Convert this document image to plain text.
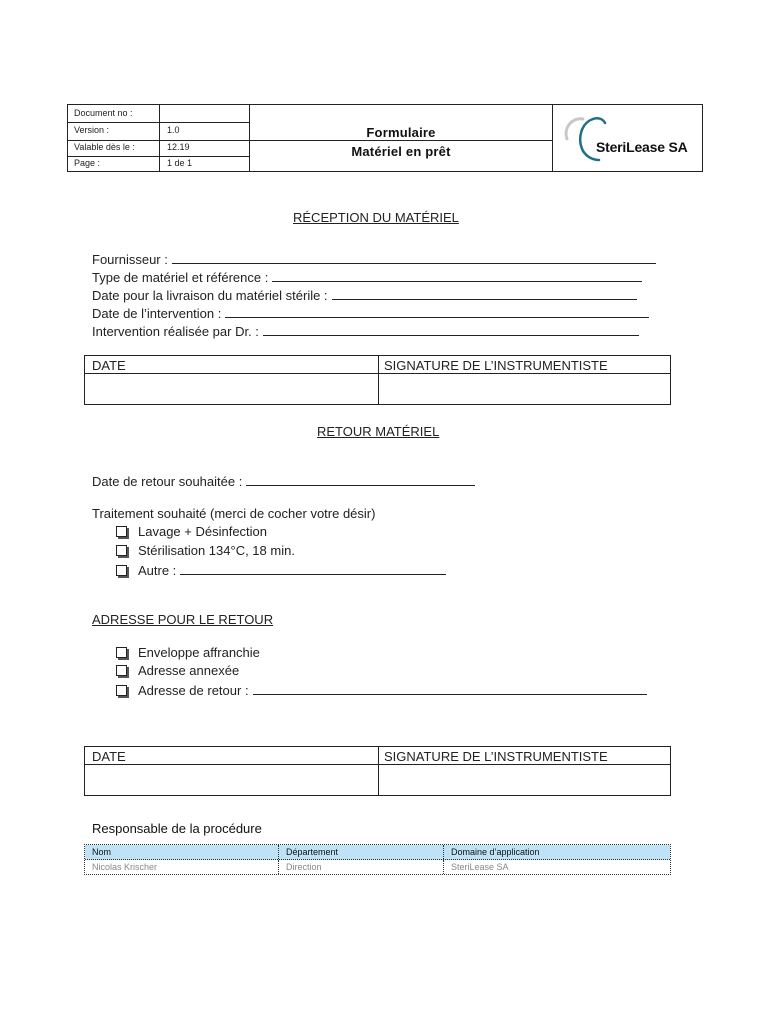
Document no :
Version :	1.0
Valable dès le :	12.19
Page :	1 de 1
Formulaire
Matériel en prêt	SteriLease SA
RÉCEPTION DU MATÉRIEL
Fournisseur :
Type de matériel et référence :
Date pour la livraison du matériel stérile :
Date de l’intervention :
Intervention réalisée par Dr. :
DATE	SIGNATURE DE L’INSTRUMENTISTE
RETOUR MATÉRIEL
Date de retour souhaitée :
Traitement souhaité (merci de cocher votre désir)
Lavage + Désinfection
Stérilisation 134°C, 18 min.
Autre :
ADRESSE POUR LE RETOUR
Enveloppe affranchie
Adresse annexée
Adresse de retour :
DATE	SIGNATURE DE L’INSTRUMENTISTE
Responsable de la procédure
Nom	Département	Domaine d’application
Nicolas Krischer	Direction	SteriLease SA
